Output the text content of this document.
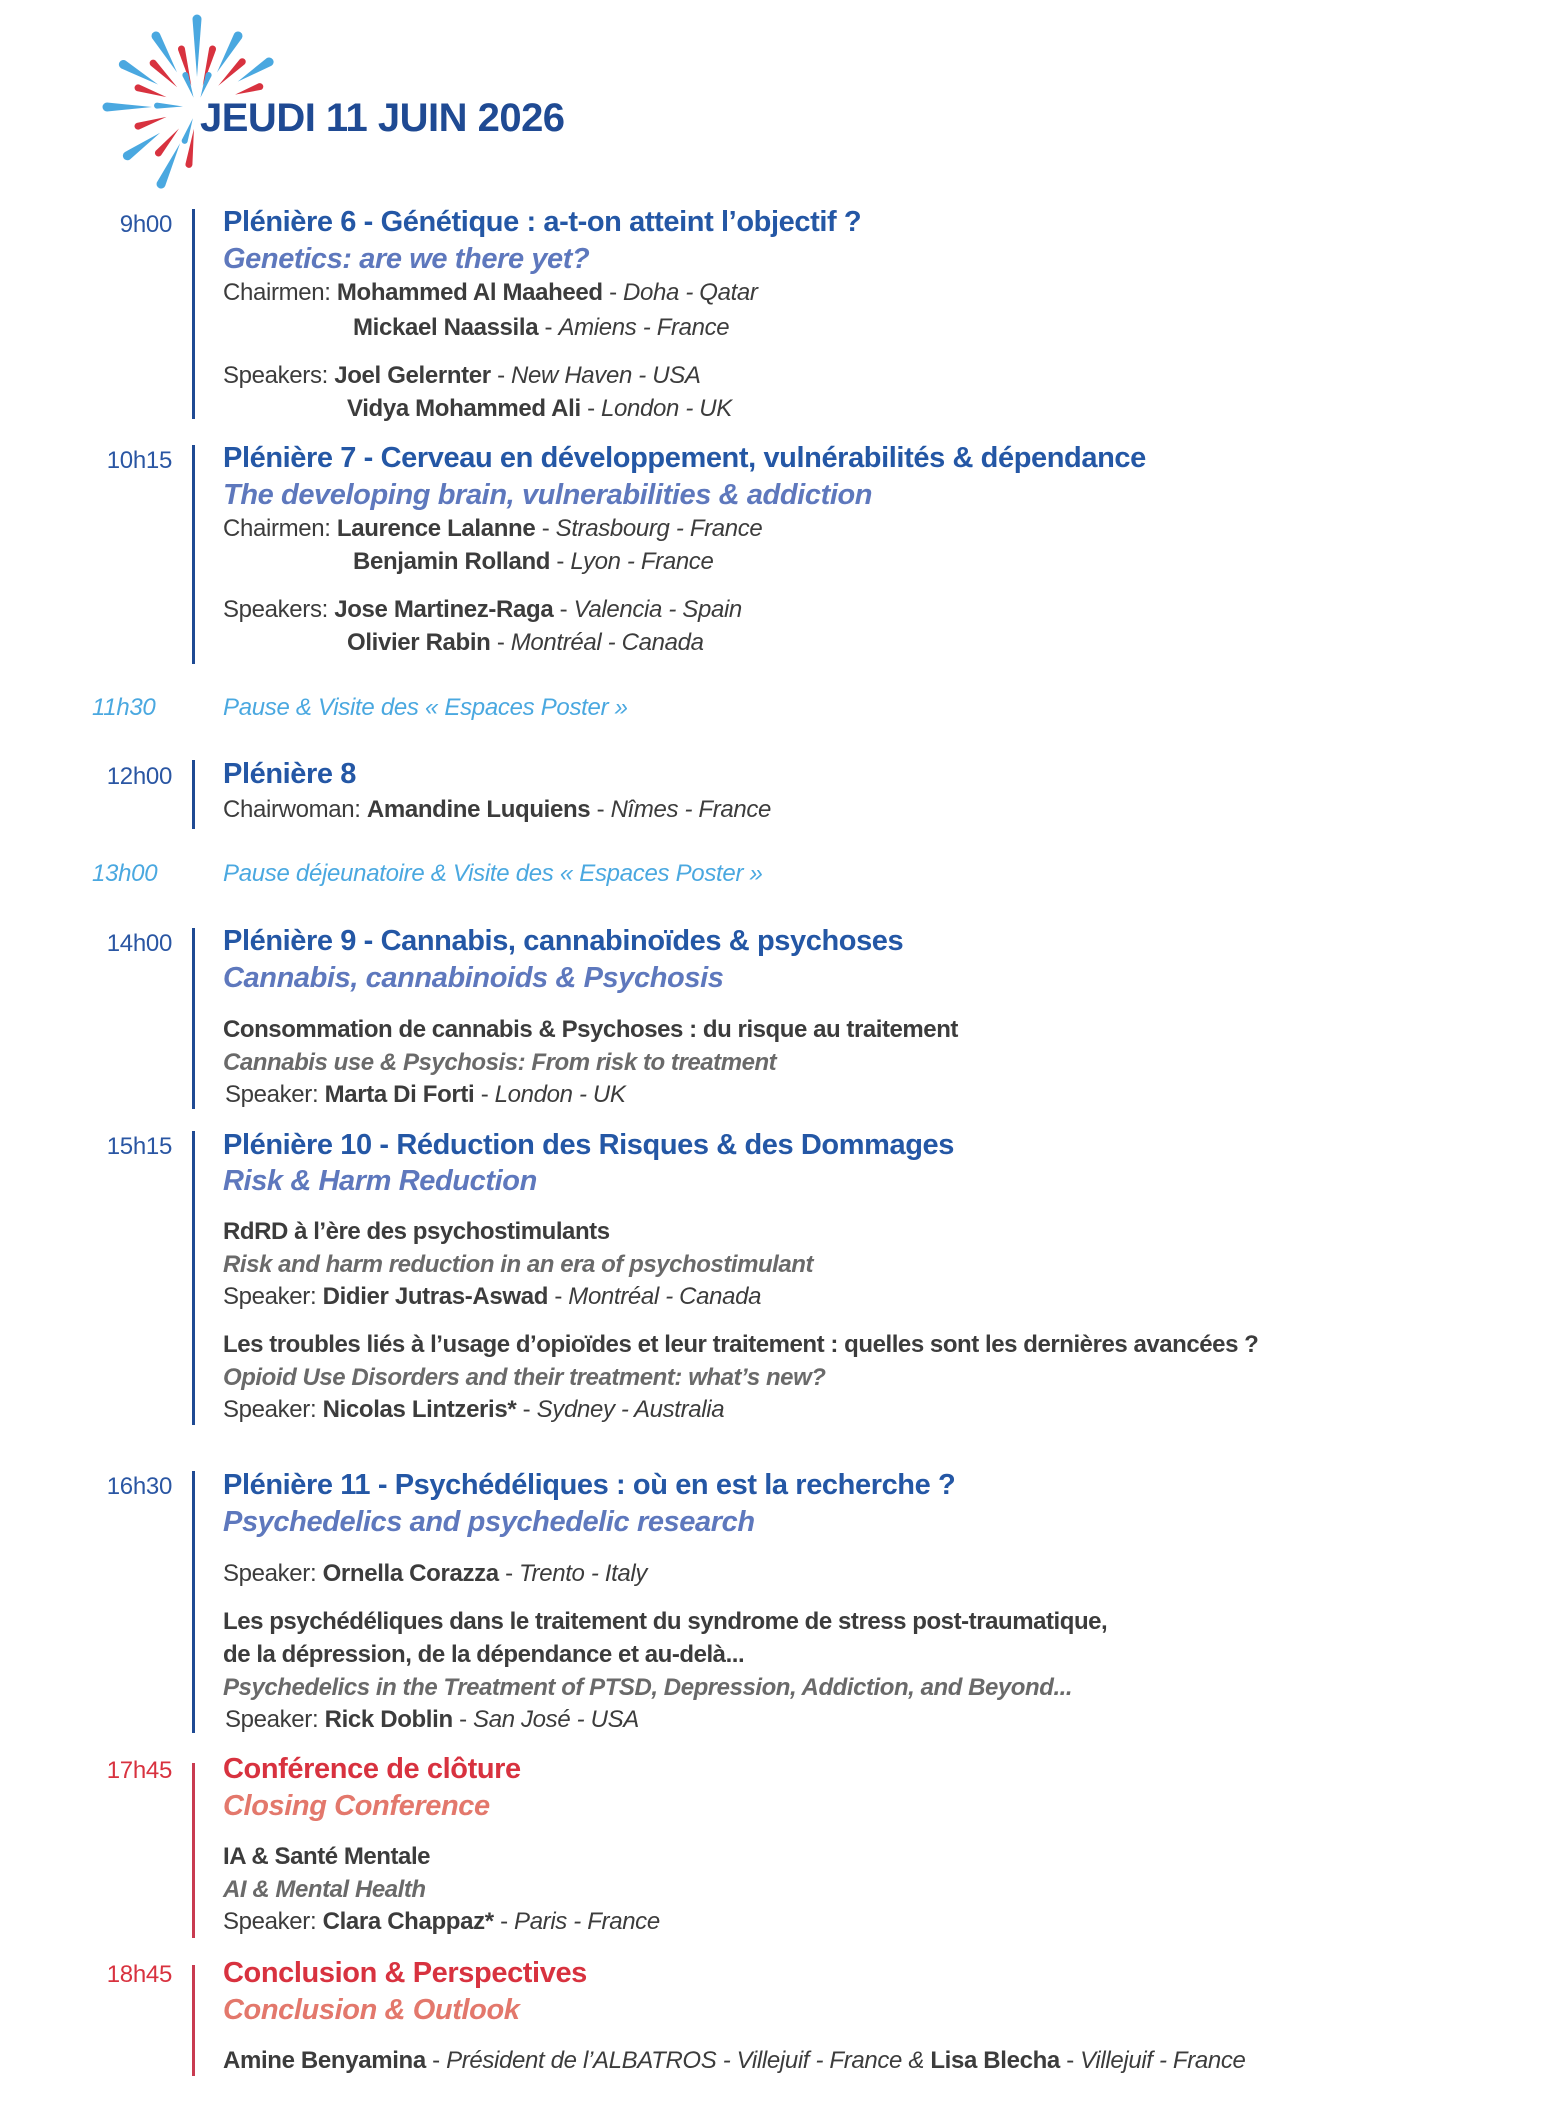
JEUDI 11 JUIN 2026
9h00 Plénière 6 - Génétique : a-t-on atteint l’objectif ?
Genetics: are we there yet?
Chairmen: Mohammed Al Maaheed - Doha - Qatar
Mickael Naassila - Amiens - France
Speakers: Joel Gelernter - New Haven - USA
Vidya Mohammed Ali - London - UK
10h15 Plénière 7 - Cerveau en développement, vulnérabilités & dépendance
The developing brain, vulnerabilities & addiction
Chairmen: Laurence Lalanne - Strasbourg - France
Benjamin Rolland - Lyon - France
Speakers: Jose Martinez-Raga - Valencia - Spain
Olivier Rabin - Montréal - Canada
11h30	Pause & Visite des « Espaces Poster »
12h00 Plénière 8
Chairwoman: Amandine Luquiens - Nîmes - France
13h00	Pause déjeunatoire & Visite des « Espaces Poster »
14h00 Plénière 9 - Cannabis, cannabinoïdes & psychoses
Cannabis, cannabinoids & Psychosis
Consommation de cannabis & Psychoses : du risque au traitement
Cannabis use & Psychosis: From risk to treatment
Speaker: Marta Di Forti - London - UK
15h15 Plénière 10 - Réduction des Risques & des Dommages
Risk & Harm Reduction
RdRD à l’ère des psychostimulants
Risk and harm reduction in an era of psychostimulant
Speaker: Didier Jutras-Aswad - Montréal - Canada
Les troubles liés à l’usage d’opioïdes et leur traitement : quelles sont les dernières avancées ?
Opioid Use Disorders and their treatment: what’s new?
Speaker: Nicolas Lintzeris* - Sydney - Australia
16h30 Plénière 11 - Psychédéliques : où en est la recherche ?
Psychedelics and psychedelic research
Speaker: Ornella Corazza - Trento - Italy
Les psychédéliques dans le traitement du syndrome de stress post-traumatique,
de la dépression, de la dépendance et au-delà...
Psychedelics in the Treatment of PTSD, Depression, Addiction, and Beyond...
Speaker: Rick Doblin - San José - USA
17h45 Conférence de clôture
Closing Conference
IA & Santé Mentale
AI & Mental Health
Speaker: Clara Chappaz* - Paris - France
18h45 Conclusion & Perspectives
Conclusion & Outlook
Amine Benyamina - Président de l’ALBATROS - Villejuif - France & Lisa Blecha - Villejuif - France
